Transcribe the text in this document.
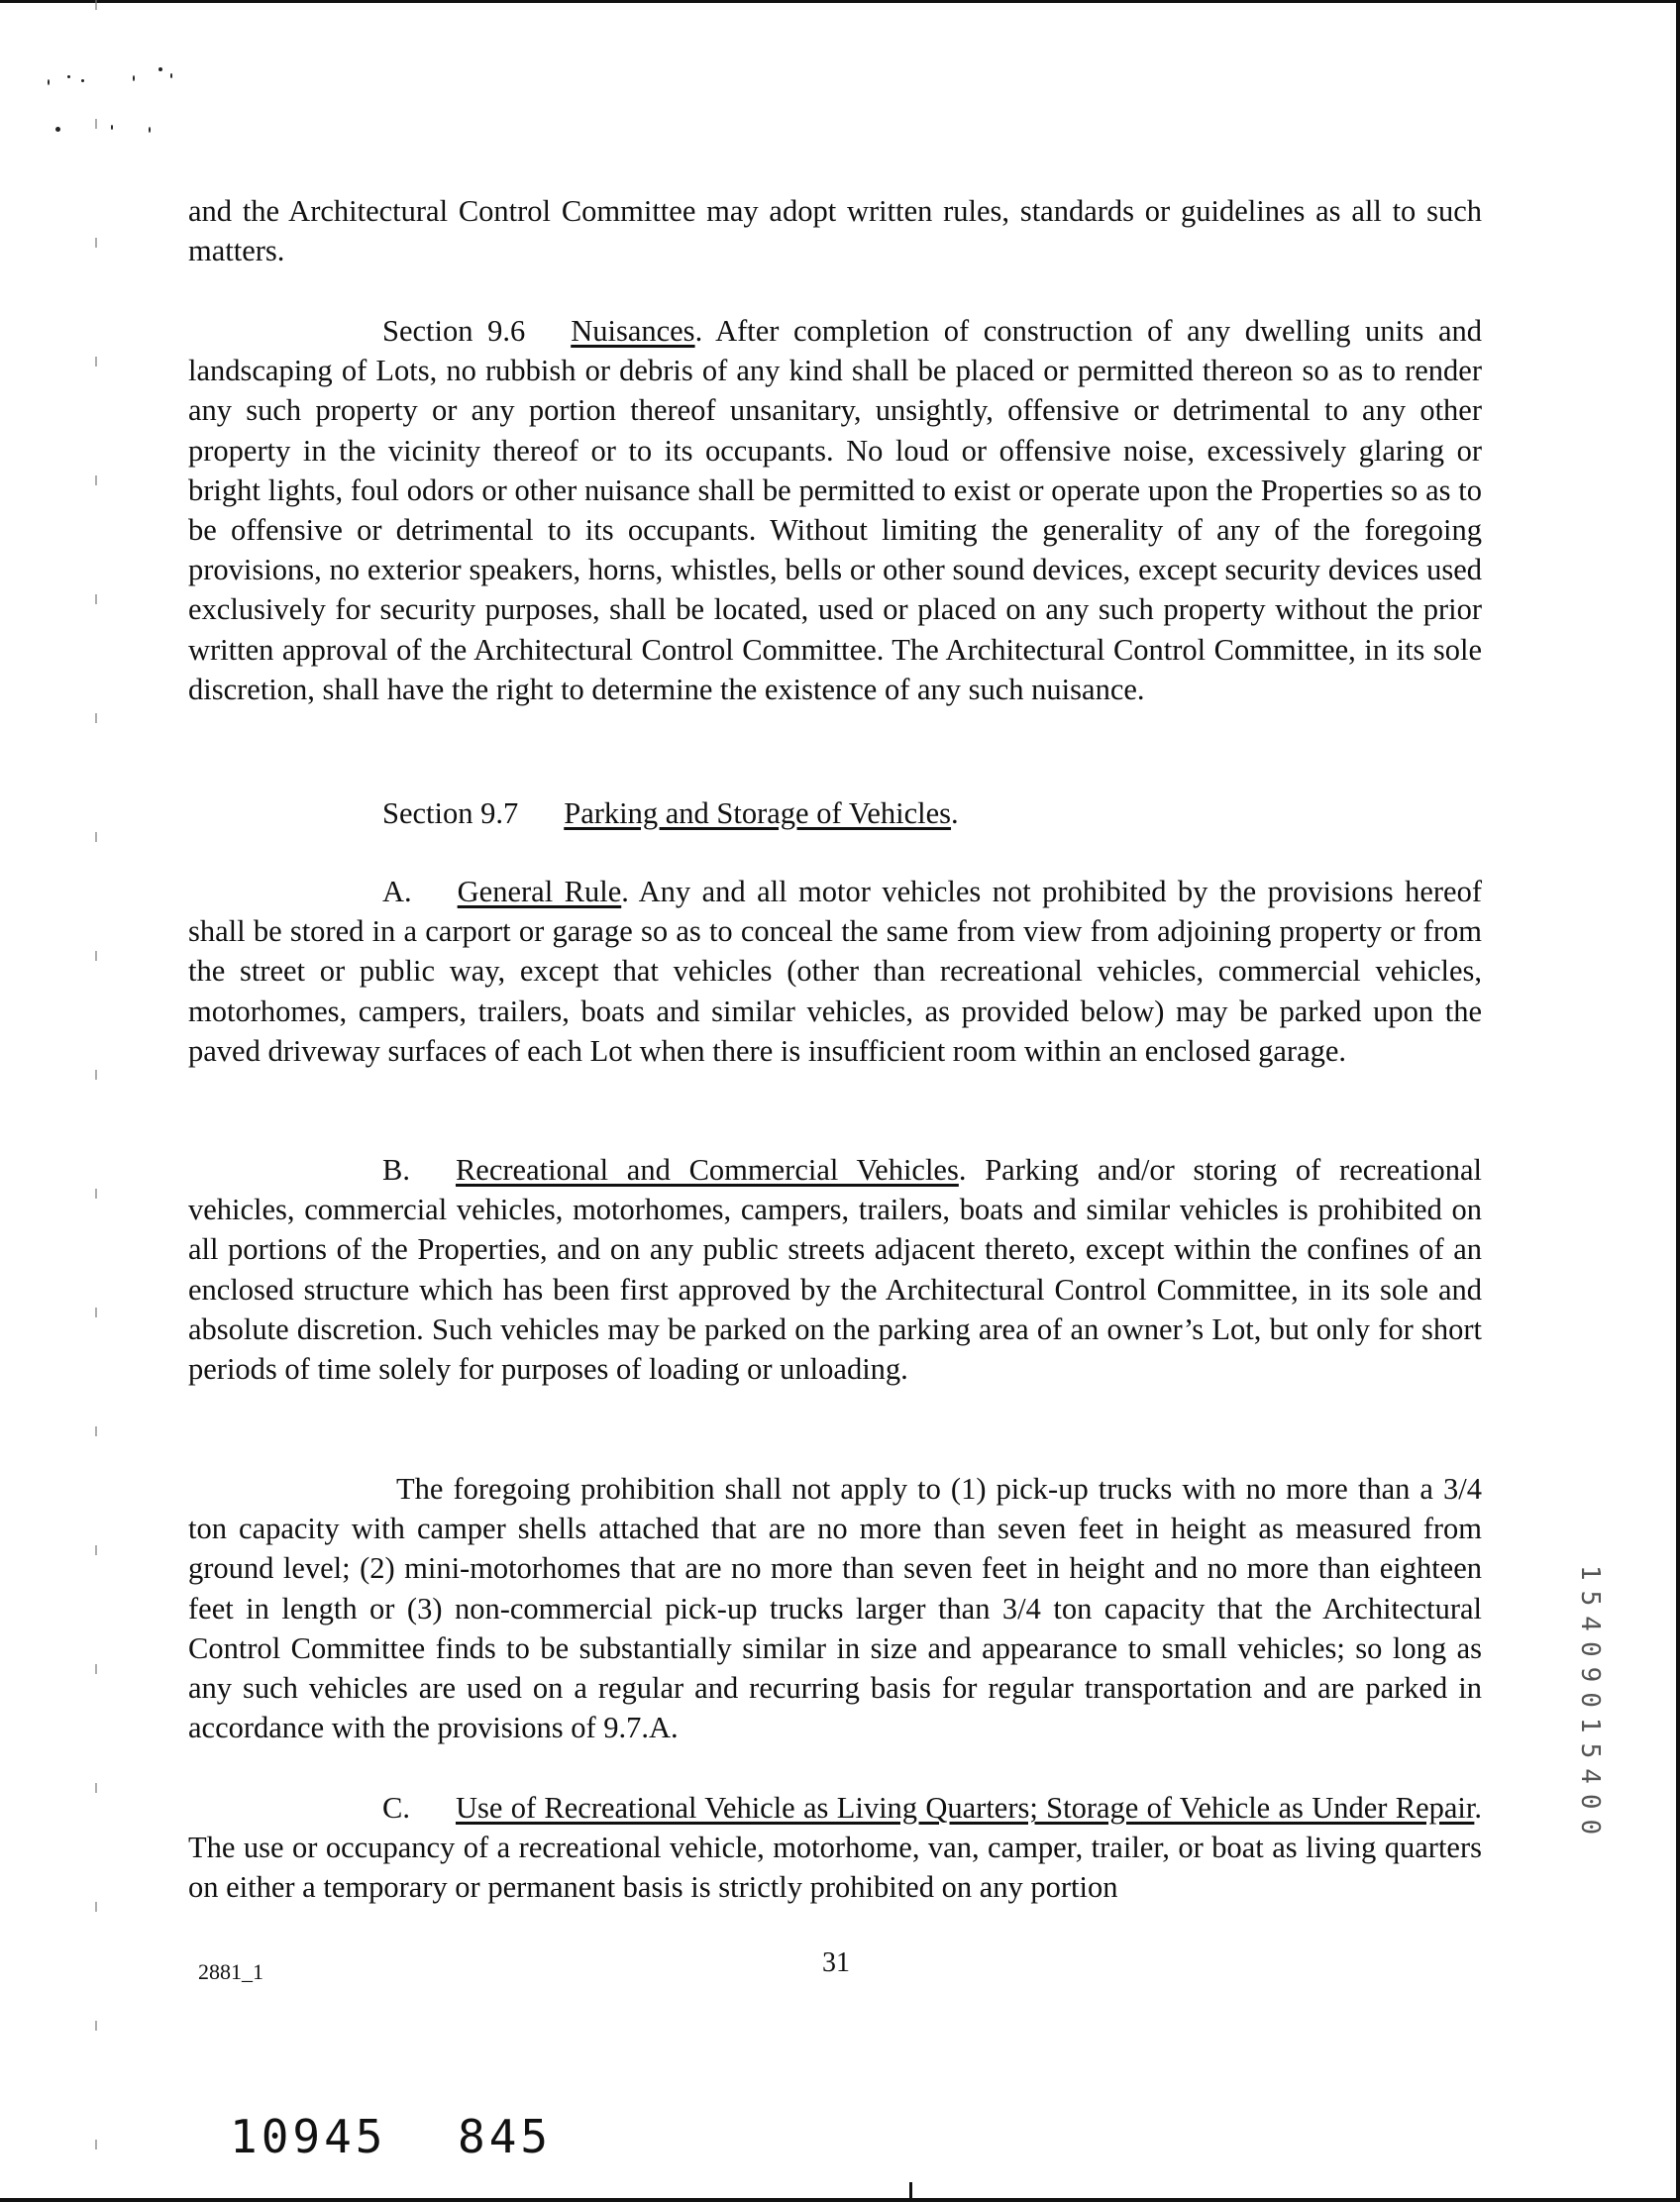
and the Architectural Control Committee may adopt written rules, standards or guidelines as all to such matters.

Section 9.6 Nuisances. After completion of construction of any dwelling units and landscaping of Lots, no rubbish or debris of any kind shall be placed or permitted thereon so as to render any such property or any portion thereof unsanitary, unsightly, offensive or detrimental to any other property in the vicinity thereof or to its occupants. No loud or offensive noise, excessively glaring or bright lights, foul odors or other nuisance shall be permitted to exist or operate upon the Properties so as to be offensive or detrimental to its occupants. Without limiting the generality of any of the foregoing provisions, no exterior speakers, horns, whistles, bells or other sound devices, except security devices used exclusively for security purposes, shall be located, used or placed on any such property without the prior written approval of the Architectural Control Committee. The Architectural Control Committee, in its sole discretion, shall have the right to determine the existence of any such nuisance.

Section 9.7 Parking and Storage of Vehicles.

A. General Rule. Any and all motor vehicles not prohibited by the provisions hereof shall be stored in a carport or garage so as to conceal the same from view from adjoining property or from the street or public way, except that vehicles (other than recreational vehicles, commercial vehicles, motorhomes, campers, trailers, boats and similar vehicles, as provided below) may be parked upon the paved driveway surfaces of each Lot when there is insufficient room within an enclosed garage.

B. Recreational and Commercial Vehicles. Parking and/or storing of recreational vehicles, commercial vehicles, motorhomes, campers, trailers, boats and similar vehicles is prohibited on all portions of the Properties, and on any public streets adjacent thereto, except within the confines of an enclosed structure which has been first approved by the Architectural Control Committee, in its sole and absolute discretion. Such vehicles may be parked on the parking area of an owner’s Lot, but only for short periods of time solely for purposes of loading or unloading.

The foregoing prohibition shall not apply to (1) pick-up trucks with no more than a 3/4 ton capacity with camper shells attached that are no more than seven feet in height as measured from ground level; (2) mini-motorhomes that are no more than seven feet in height and no more than eighteen feet in length or (3) non-commercial pick-up trucks larger than 3/4 ton capacity that the Architectural Control Committee finds to be substantially similar in size and appearance to small vehicles; so long as any such vehicles are used on a regular and recurring basis for regular transportation and are parked in accordance with the provisions of 9.7.A.

C. Use of Recreational Vehicle as Living Quarters; Storage of Vehicle as Under Repair. The use or occupancy of a recreational vehicle, motorhome, van, camper, trailer, or boat as living quarters on either a temporary or permanent basis is strictly prohibited on any portion

2881_1	31
15409015400
10945 845
